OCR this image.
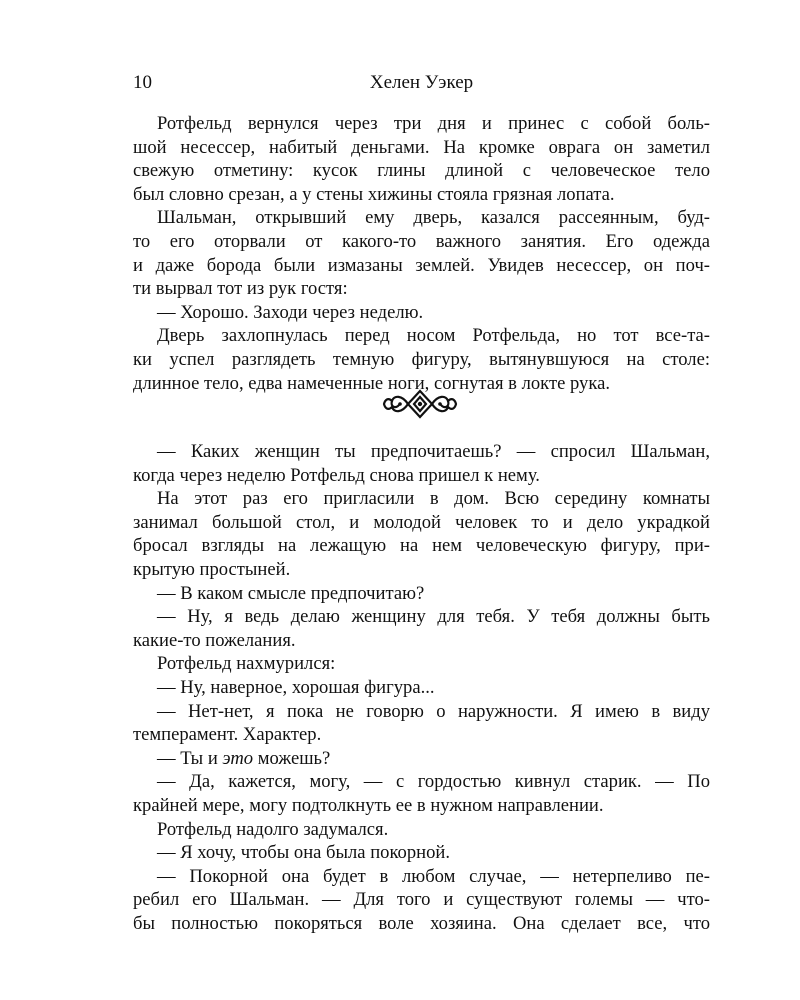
10	Хелен Уэкер
Ротфельд вернулся через три дня и принес с собой боль-
шой несессер, набитый деньгами. На кромке оврага он заметил
свежую отметину: кусок глины длиной с человеческое тело
был словно срезан, а у стены хижины стояла грязная лопата.
Шальман, открывший ему дверь, казался рассеянным, буд-
то его оторвали от какого-то важного занятия. Его одежда
и даже борода были измазаны землей. Увидев несессер, он поч-
ти вырвал тот из рук гостя:
— Хорошо. Заходи через неделю.
Дверь захлопнулась перед носом Ротфельда, но тот все-та-
ки успел разглядеть темную фигуру, вытянувшуюся на столе:
длинное тело, едва намеченные ноги, согнутая в локте рука.
— Каких женщин ты предпочитаешь? — спросил Шальман,
когда через неделю Ротфельд снова пришел к нему.
На этот раз его пригласили в дом. Всю середину комнаты
занимал большой стол, и молодой человек то и дело украдкой
бросал взгляды на лежащую на нем человеческую фигуру, при-
крытую простыней.
— В каком смысле предпочитаю?
— Ну, я ведь делаю женщину для тебя. У тебя должны быть
какие-то пожелания.
Ротфельд нахмурился:
— Ну, наверное, хорошая фигура...
— Нет-нет, я пока не говорю о наружности. Я имею в виду
темперамент. Характер.
— Ты и это можешь?
— Да, кажется, могу, — с гордостью кивнул старик. — По
крайней мере, могу подтолкнуть ее в нужном направлении.
Ротфельд надолго задумался.
— Я хочу, чтобы она была покорной.
— Покорной она будет в любом случае, — нетерпеливо пе-
ребил его Шальман. — Для того и существуют големы — что-
бы полностью покоряться воле хозяина. Она сделает все, что
